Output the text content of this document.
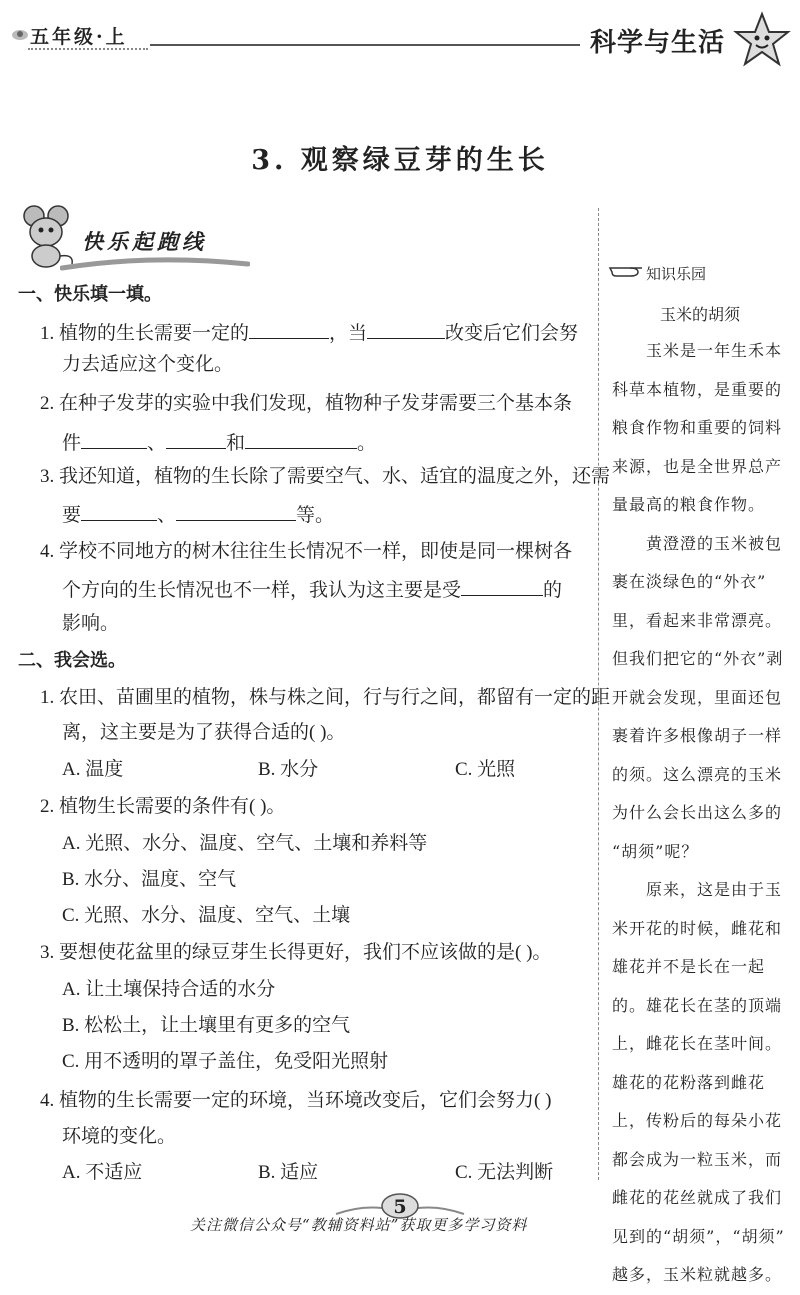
五年级·上	科学与生活
3. 观察绿豆芽的生长
快乐起跑线
一、快乐填一填。
1. 植物的生长需要一定的	，当	改变后它们会努
力去适应这个变化。
2. 在种子发芽的实验中我们发现，植物种子发芽需要三个基本条
件	、	和	。
3. 我还知道，植物的生长除了需要空气、水、适宜的温度之外，还需
要	、	等。
4. 学校不同地方的树木往往生长情况不一样，即使是同一棵树各
个方向的生长情况也不一样，我认为这主要是受	的
影响。
二、我会选。
1. 农田、苗圃里的植物，株与株之间，行与行之间，都留有一定的距
离，这主要是为了获得合适的( )。
A. 温度	B. 水分	C. 光照
2. 植物生长需要的条件有( )。
A. 光照、水分、温度、空气、土壤和养料等
B. 水分、温度、空气
C. 光照、水分、温度、空气、土壤
3. 要想使花盆里的绿豆芽生长得更好，我们不应该做的是( )。
A. 让土壤保持合适的水分
B. 松松土，让土壤里有更多的空气
C. 用不透明的罩子盖住，免受阳光照射
4. 植物的生长需要一定的环境，当环境改变后，它们会努力( )
环境的变化。
A. 不适应	B. 适应	C. 无法判断
知识乐园
玉米的胡须
　　玉米是一年生禾本
科草本植物，是重要的
粮食作物和重要的饲料
来源，也是全世界总产
量最高的粮食作物。
　　黄澄澄的玉米被包
裹在淡绿色的“外衣”
里，看起来非常漂亮。
但我们把它的“外衣”剥
开就会发现，里面还包
裹着许多根像胡子一样
的须。这么漂亮的玉米
为什么会长出这么多的
“胡须”呢？
　　原来，这是由于玉
米开花的时候，雌花和
雄花并不是长在一起
的。雄花长在茎的顶端
上，雌花长在茎叶间。
雄花的花粉落到雌花
上，传粉后的每朵小花
都会成为一粒玉米，而
雌花的花丝就成了我们
见到的“胡须”，“胡须”
越多，玉米粒就越多。
5
关注微信公众号“教辅资料站”获取更多学习资料
